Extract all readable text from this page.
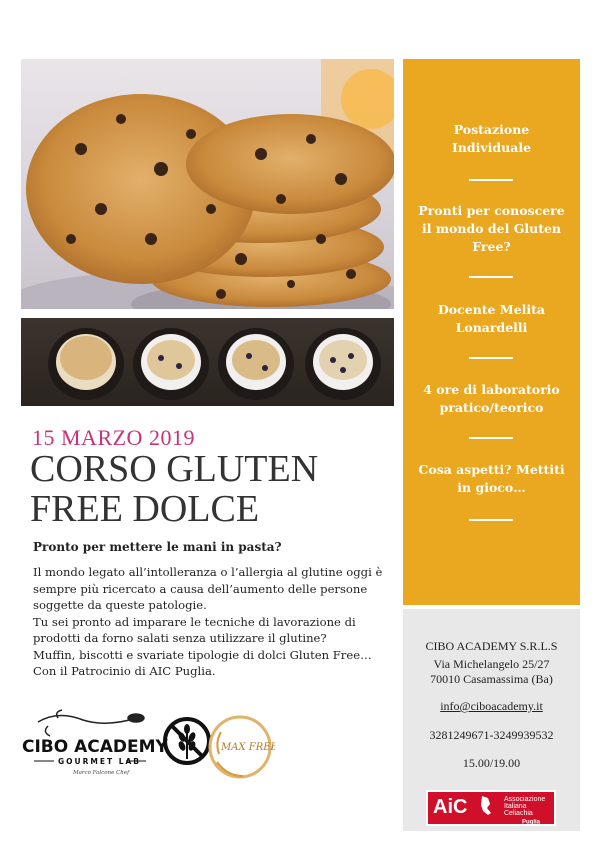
Postazione Individuale
Pronti per conoscere il mondo del Gluten Free?
Docente Melita Lonardelli
4 ore di laboratorio pratico/teorico
Cosa aspetti? Mettiti in gioco…
CIBO ACADEMY S.R.L.S
Via Michelangelo 25/27
70010 Casamassima (Ba)
info@ciboacademy.it
3281249671-3249939532
15.00/19.00
AiC	Associazione
Italiana
Celiachia
Puglia
15 MARZO 2019
CORSO GLUTEN FREE DOLCE
Pronto per mettere le mani in pasta?

Il mondo legato all’intolleranza o l’allergia al glutine oggi è sempre più ricercato a causa dell’aumento delle persone soggette da queste patologie.

Tu sei pronto ad imparare le tecniche di lavorazione di prodotti da forno salati senza utilizzare il glutine?

Muffin, biscotti e svariate tipologie di dolci Gluten Free… Con il Patrocinio di AIC Puglia.

CIBO ACADEMY
GOURMET LAB
Marco Falcone Chef
MAX FREE
